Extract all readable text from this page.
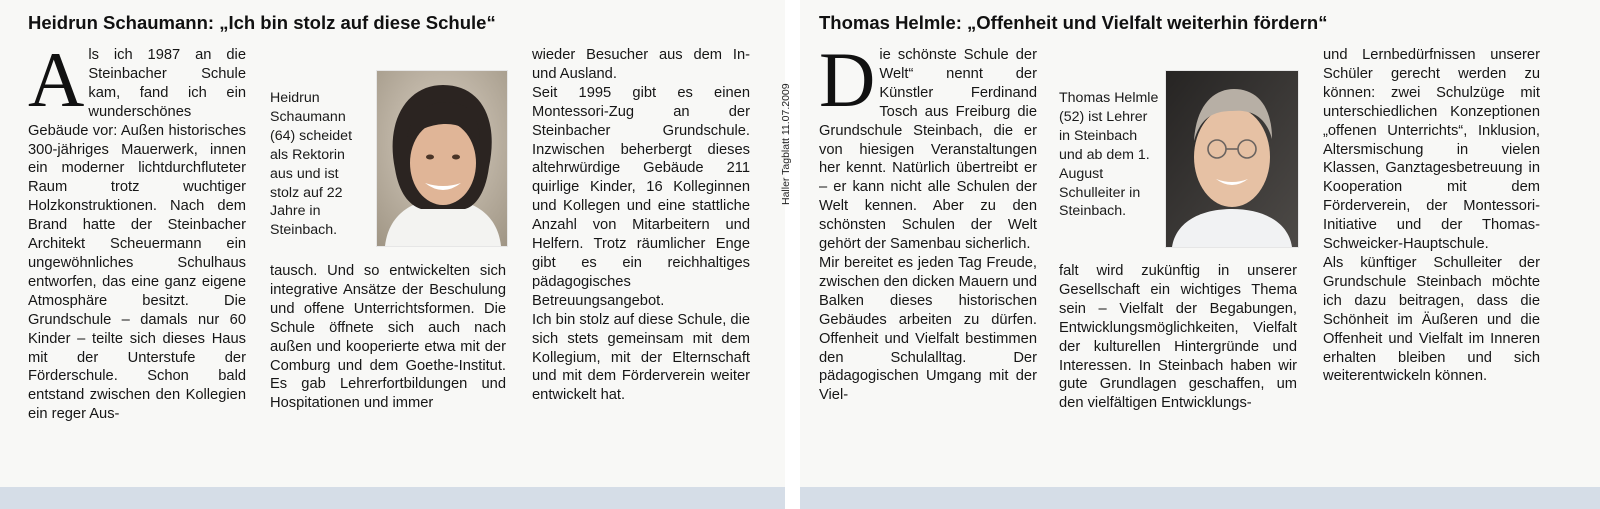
Heidrun Schaumann: „Ich bin stolz auf diese Schule“
A ls ich 1987 an die Steinbacher Schule kam, fand ich ein wunderschönes Gebäude vor: Außen historisches 300-jähriges Mauerwerk, innen ein moderner lichtdurchfluteter Raum trotz wuchtiger Holzkonstruktionen. Nach dem Brand hatte der Steinbacher Architekt Scheuermann ein ungewöhnliches Schulhaus entworfen, das eine ganz eigene Atmosphäre besitzt. Die Grundschule – damals nur 60 Kinder – teilte sich dieses Haus mit der Unterstufe der Förderschule. Schon bald entstand zwischen den Kollegien ein reger Aus-

Heidrun Schaumann (64) scheidet als Rektorin aus und ist stolz auf 22 Jahre in Steinbach.

tausch. Und so entwickelten sich integrative Ansätze der Beschulung und offene Unterrichtsformen. Die Schule öffnete sich auch nach außen und kooperierte etwa mit der Comburg und dem Goethe-Institut. Es gab Lehrerfortbildungen und Hospitationen und immer

wieder Besucher aus dem In- und Ausland.

Seit 1995 gibt es einen Montessori-Zug an der Steinbacher Grundschule. Inzwischen beherbergt dieses altehrwürdige Gebäude 211 quirlige Kinder, 16 Kolleginnen und Kollegen und eine stattliche Anzahl von Mitarbeitern und Helfern. Trotz räumlicher Enge gibt es ein reichhaltiges pädagogisches Betreuungsangebot.

Ich bin stolz auf diese Schule, die sich stets gemeinsam mit dem Kollegium, mit der Elternschaft und mit dem Förderverein weiter entwickelt hat.

Haller Tagblatt 11.07.2009
Thomas Helmle: „Offenheit und Vielfalt weiterhin fördern“
D ie schönste Schule der Welt“ nennt der Künstler Ferdinand Tosch aus Freiburg die Grundschule Steinbach, die er von hiesigen Veranstaltungen her kennt. Natürlich übertreibt er – er kann nicht alle Schulen der Welt kennen. Aber zu den schönsten Schulen der Welt gehört der Samenbau sicherlich.

Mir bereitet es jeden Tag Freude, zwischen den dicken Mauern und Balken dieses historischen Gebäudes arbeiten zu dürfen. Offenheit und Vielfalt bestimmen den Schulalltag. Der pädagogischen Umgang mit der Viel-

Thomas Helmle (52) ist Lehrer in Steinbach und ab dem 1. August Schulleiter in Steinbach.

falt wird zukünftig in unserer Gesellschaft ein wichtiges Thema sein – Vielfalt der Begabungen, Entwicklungsmöglichkeiten, Vielfalt der kulturellen Hintergründe und Interessen. In Steinbach haben wir gute Grundlagen geschaffen, um den vielfältigen Entwicklungs-

und Lernbedürfnissen unserer Schüler gerecht werden zu können: zwei Schulzüge mit unterschiedlichen Konzeptionen „offenen Unterrichts“, Inklusion, Altersmischung in vielen Klassen, Ganztagesbetreuung in Kooperation mit dem Förderverein, der Montessori-Initiative und der Thomas-Schweicker-Hauptschule.

Als künftiger Schulleiter der Grundschule Steinbach möchte ich dazu beitragen, dass die Schönheit im Äußeren und die Offenheit und Vielfalt im Inneren erhalten bleiben und sich weiterentwickeln können.
